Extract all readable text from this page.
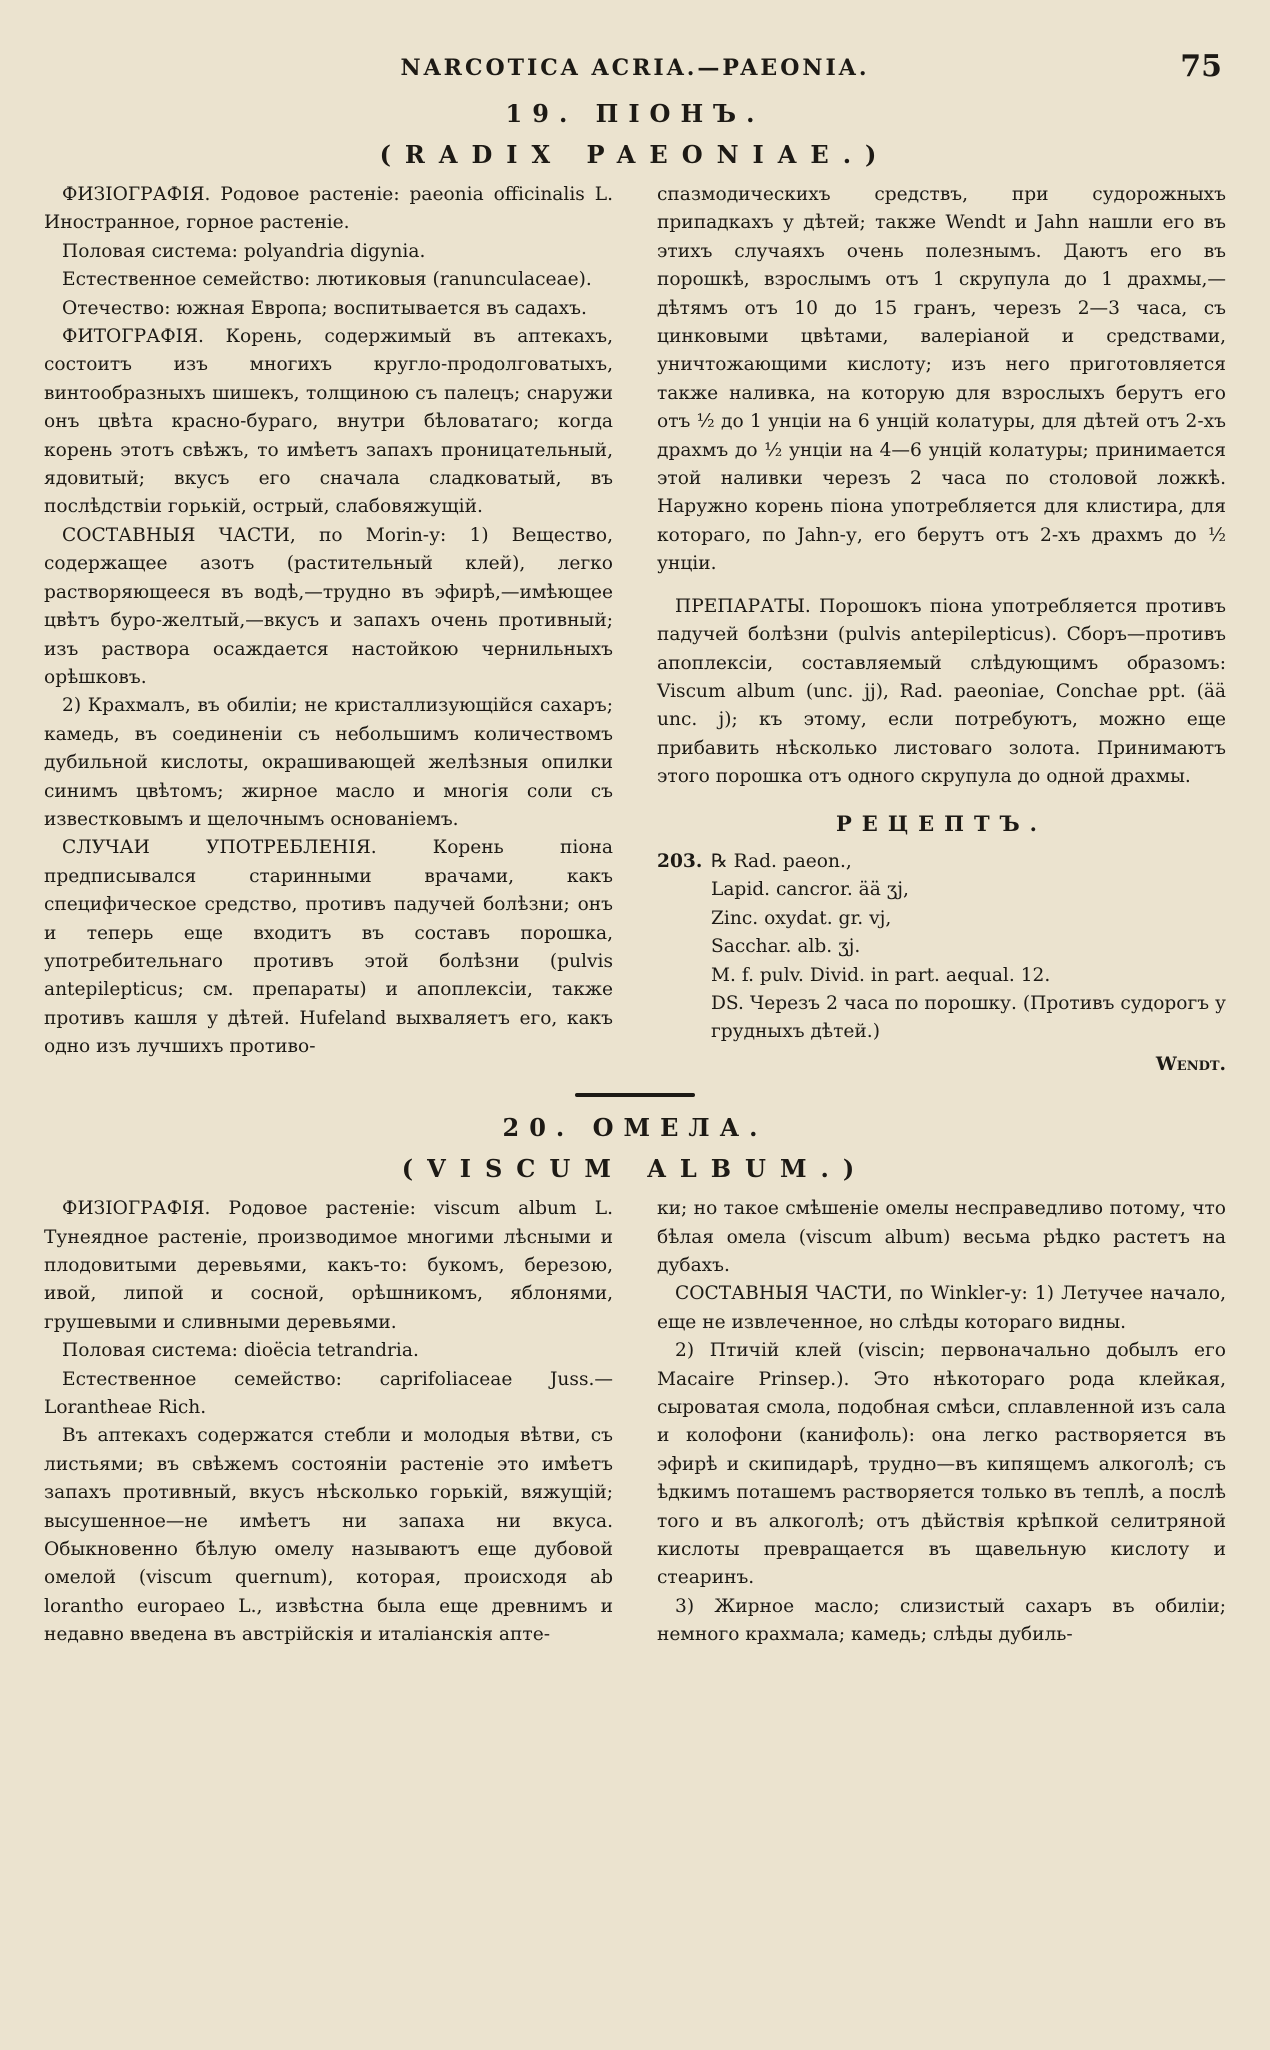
NARCOTICA ACRIA.—PAEONIA.	75
19. ПІОНЪ.
(RADIX PAEONIAE.)

ФИЗІОГРАФІЯ. Родовое растеніе: paeonia officinalis L. Иностранное, горное растеніе.

Половая система: polyandria digynia.

Естественное семейство: лютиковыя (ranunculaceae).

Отечество: южная Европа; воспитывается въ садахъ.

ФИТОГРАФІЯ. Корень, содержимый въ аптекахъ, состоитъ изъ многихъ кругло-продолговатыхъ, винтообразныхъ шишекъ, толщиною съ палецъ; снаружи онъ цвѣта красно-бураго, внутри бѣловатаго; когда корень этотъ свѣжъ, то имѣетъ запахъ проницательный, ядовитый; вкусъ его сначала сладковатый, въ послѣдствіи горькій, острый, слабовяжущій.

СОСТАВНЫЯ ЧАСТИ, по Morin-у: 1) Вещество, содержащее азотъ (растительный клей), легко растворяющееся въ водѣ,—трудно въ эфирѣ,—имѣющее цвѣтъ буро-желтый,—вкусъ и запахъ очень противный; изъ раствора осаждается настойкою чернильныхъ орѣшковъ.

2) Крахмалъ, въ обиліи; не кристаллизующійся сахаръ; камедь, въ соединеніи съ небольшимъ количествомъ дубильной кислоты, окрашивающей желѣзныя опилки синимъ цвѣтомъ; жирное масло и многія соли съ известковымъ и щелочнымъ основаніемъ.

СЛУЧАИ УПОТРЕБЛЕНІЯ. Корень піона предписывался старинными врачами, какъ специфическое средство, противъ падучей болѣзни; онъ и теперь еще входитъ въ составъ порошка, употребительнаго противъ этой болѣзни (pulvis antepilepticus; см. препараты) и апоплексіи, также противъ кашля у дѣтей. Hufeland выхваляетъ его, какъ одно изъ лучшихъ противо-

спазмодическихъ средствъ, при судорожныхъ припадкахъ у дѣтей; также Wendt и Jahn нашли его въ этихъ случаяхъ очень полезнымъ. Даютъ его въ порошкѣ, взрослымъ отъ 1 скрупула до 1 драхмы,—дѣтямъ отъ 10 до 15 гранъ, черезъ 2—3 часа, съ цинковыми цвѣтами, валеріаной и средствами, уничтожающими кислоту; изъ него приготовляется также наливка, на которую для взрослыхъ берутъ его отъ ½ до 1 унціи на 6 унцій колатуры, для дѣтей отъ 2-хъ драхмъ до ½ унціи на 4—6 унцій колатуры; принимается этой наливки черезъ 2 часа по столовой ложкѣ. Наружно корень піона употребляется для клистира, для котораго, по Jahn-у, его берутъ отъ 2-хъ драхмъ до ½ унціи.

ПРЕПАРАТЫ. Порошокъ піона употребляется противъ падучей болѣзни (pulvis antepilepticus). Сборъ—противъ апоплексіи, составляемый слѣдующимъ образомъ: Viscum album (unc. jj), Rad. paeoniae, Conchae ppt. (ää unc. j); къ этому, если потребуютъ, можно еще прибавить нѣсколько листоваго золота. Принимаютъ этого порошка отъ одного скрупула до одной драхмы.

РЕЦЕПТЪ.
203. ℞ Rad. paeon.,
Lapid. cancror. ää ʒj,
Zinc. oxydat. gr. vj,
Sacchar. alb. ʒj.
M. f. pulv. Divid. in part. aequal. 12.
DS. Черезъ 2 часа по порошку. (Противъ судорогъ у грудныхъ дѣтей.)
Wendt.
20. ОМЕЛА.
(VISCUM ALBUM.)

ФИЗІОГРАФІЯ. Родовое растеніе: viscum album L. Тунеядное растеніе, производимое многими лѣсными и плодовитыми деревьями, какъ-то: букомъ, березою, ивой, липой и сосной, орѣшникомъ, яблонями, грушевыми и сливными деревьями.

Половая система: dioëcia tetrandria.

Естественное семейство: caprifoliaceae Juss.—Lorantheae Rich.

Въ аптекахъ содержатся стебли и молодыя вѣтви, съ листьями; въ свѣжемъ состояніи растеніе это имѣетъ запахъ противный, вкусъ нѣсколько горькій, вяжущій; высушенное—не имѣетъ ни запаха ни вкуса. Обыкновенно бѣлую омелу называютъ еще дубовой омелой (viscum quernum), которая, происходя ab loranthо europaeo L., извѣстна была еще древнимъ и недавно введена въ австрійскія и италіанскія апте-

ки; но такое смѣшеніе омелы несправедливо потому, что бѣлая омела (viscum album) весьма рѣдко растетъ на дубахъ.

СОСТАВНЫЯ ЧАСТИ, по Winkler-у: 1) Летучее начало, еще не извлеченное, но слѣды котораго видны.

2) Птичій клей (viscin; первоначально добылъ его Macaire Prinsep.). Это нѣкотораго рода клейкая, сыроватая смола, подобная смѣси, сплавленной изъ сала и колофони (канифоль): она легко растворяется въ эфирѣ и скипидарѣ, трудно—въ кипящемъ алкоголѣ; съ ѣдкимъ поташемъ растворяется только въ теплѣ, а послѣ того и въ алкоголѣ; отъ дѣйствія крѣпкой селитряной кислоты превращается въ щавельную кислоту и стеаринъ.

3) Жирное масло; слизистый сахаръ въ обиліи; немного крахмала; камедь; слѣды дубиль-
